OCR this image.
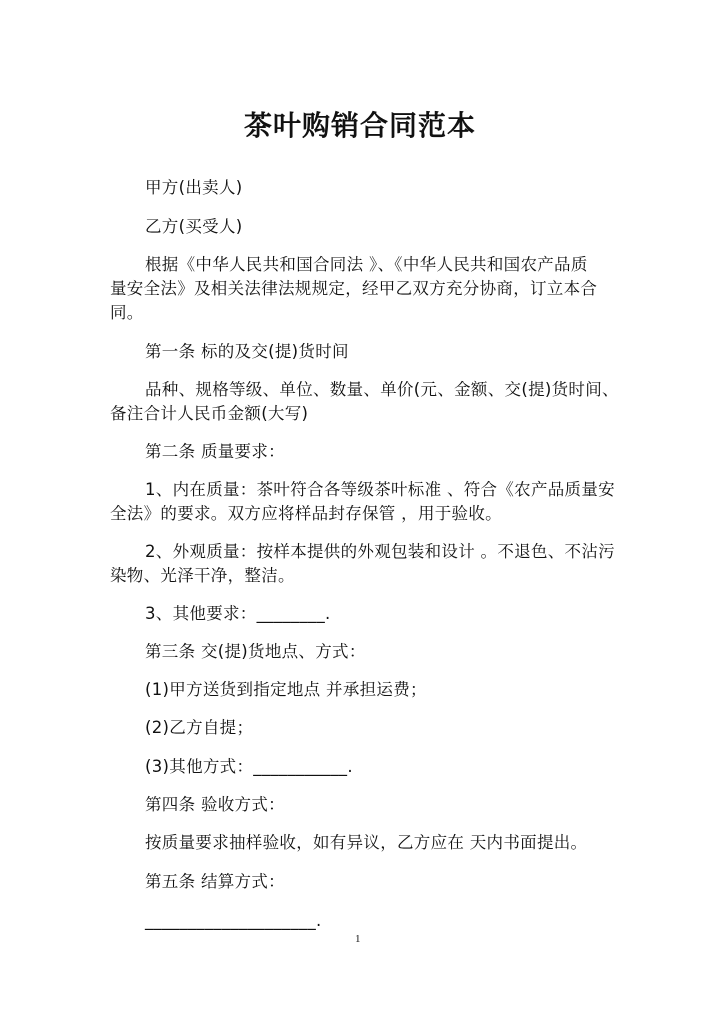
茶叶购销合同范本
甲方(出卖人)
乙方(买受人)
根据《中华人民共和国合同法 》、《中华人民共和国农产品质
量安全法》及相关法律法规规定，经甲乙双方充分协商，订立本合
同。
第一条 标的及交(提)货时间
品种、规格等级、单位、数量、单价(元、金额、交(提)货时间、
备注合计人民币金额(大写)
第二条 质量要求：
1、内在质量：茶叶符合各等级茶叶标准 、符合《农产品质量安
全法》的要求。双方应将样品封存保管 ，用于验收。
2、外观质量：按样本提供的外观包装和设计 。不退色、不沾污
染物、光泽干净，整洁。
3、其他要求：________.
第三条 交(提)货地点、方式：
(1)甲方送货到指定地点 并承担运费；
(2)乙方自提；
(3)其他方式：___________.
第四条 验收方式：
按质量要求抽样验收，如有异议，乙方应在 天内书面提出。
第五条 结算方式：
____________________.
1
